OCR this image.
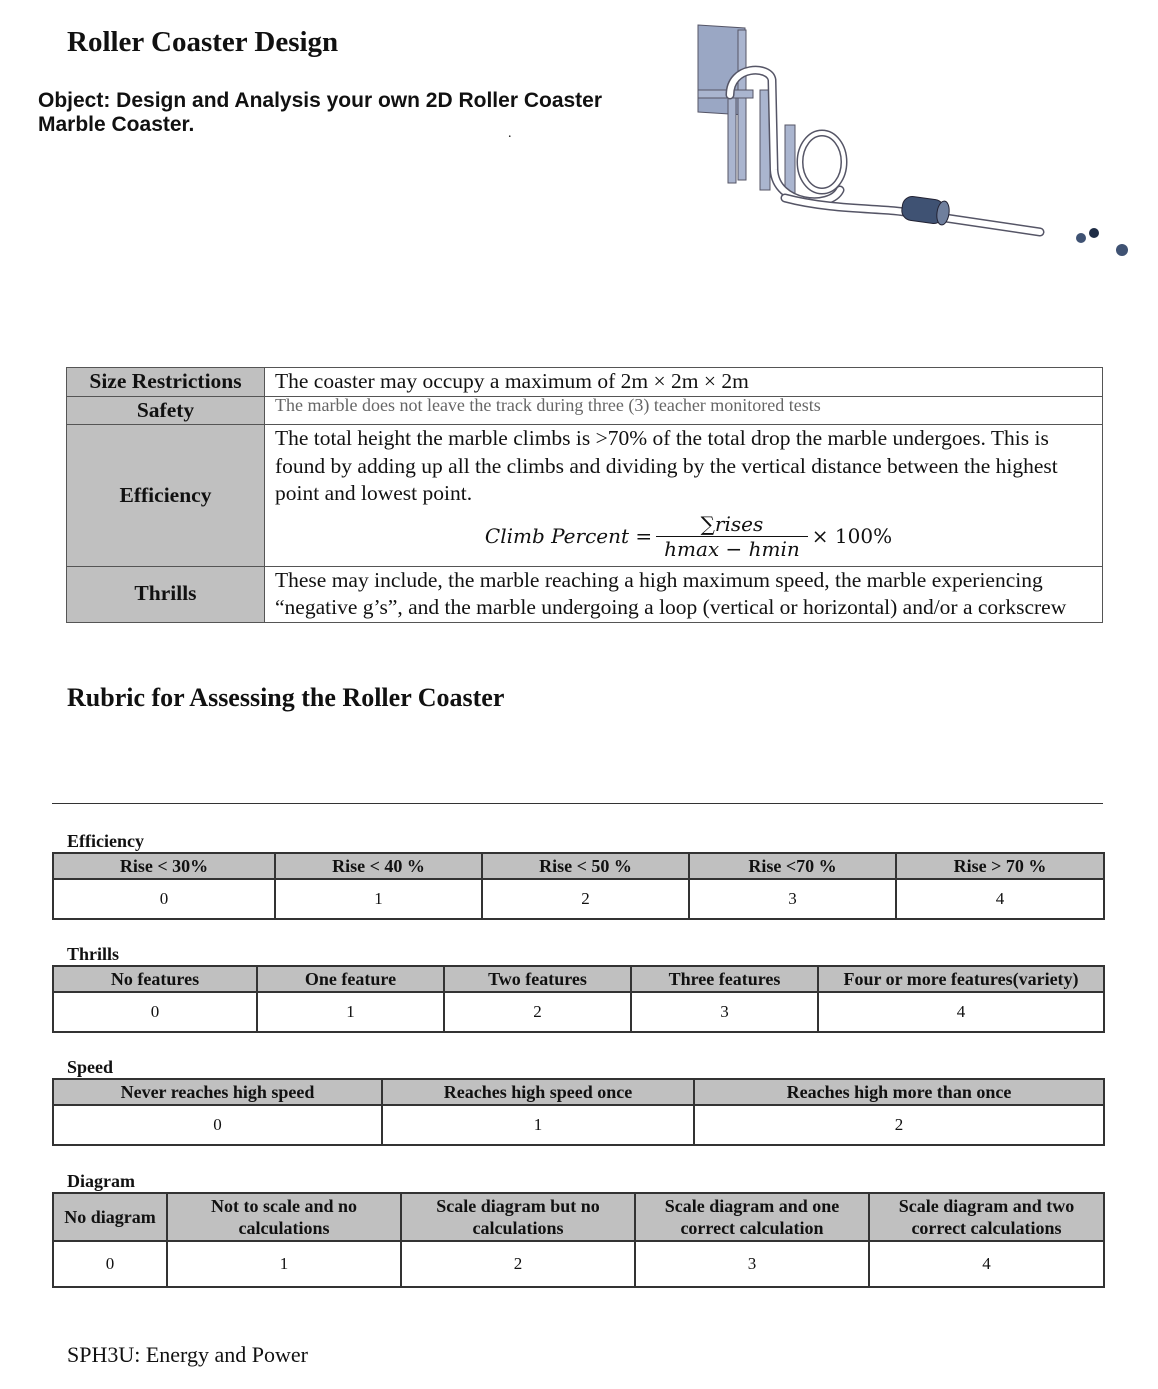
Roller Coaster Design
Object: Design and Analysis your own 2D Roller Coaster
Marble Coaster.	.
Size Restrictions	The coaster may occupy a maximum of 2m × 2m × 2m
Safety	The marble does not leave the track during three (3) teacher monitored tests

Efficiency	The total height the marble climbs is >70% of the total drop the marble undergoes. This is found by adding up all the climbs and dividing by the vertical distance between the highest point and lowest point.
Climb Percent = $\frac{\text{∑rises}}{hmax - hmin} \times 100\%$

Thrills	These may include, the marble reaching a high maximum speed, the marble experiencing “negative g’s”, and the marble undergoing a loop (vertical or horizontal) and/or a corkscrew
Rubric for Assessing the Roller Coaster
Efficiency
Rise < 30%	Rise < 40 %	Rise < 50 %	Rise <70 %	Rise > 70 %
0	1	2	3	4
Thrills
No features	One feature	Two features	Three features	Four or more features(variety)
0	1	2	3	4
Speed
Never reaches high speed	Reaches high speed once	Reaches high more than once
0	1	2
Diagram
No diagram	Not to scale and no calculations	Scale diagram but no calculations	Scale diagram and one correct calculation	Scale diagram and two correct calculations
0	1	2	3	4
SPH3U: Energy and Power
